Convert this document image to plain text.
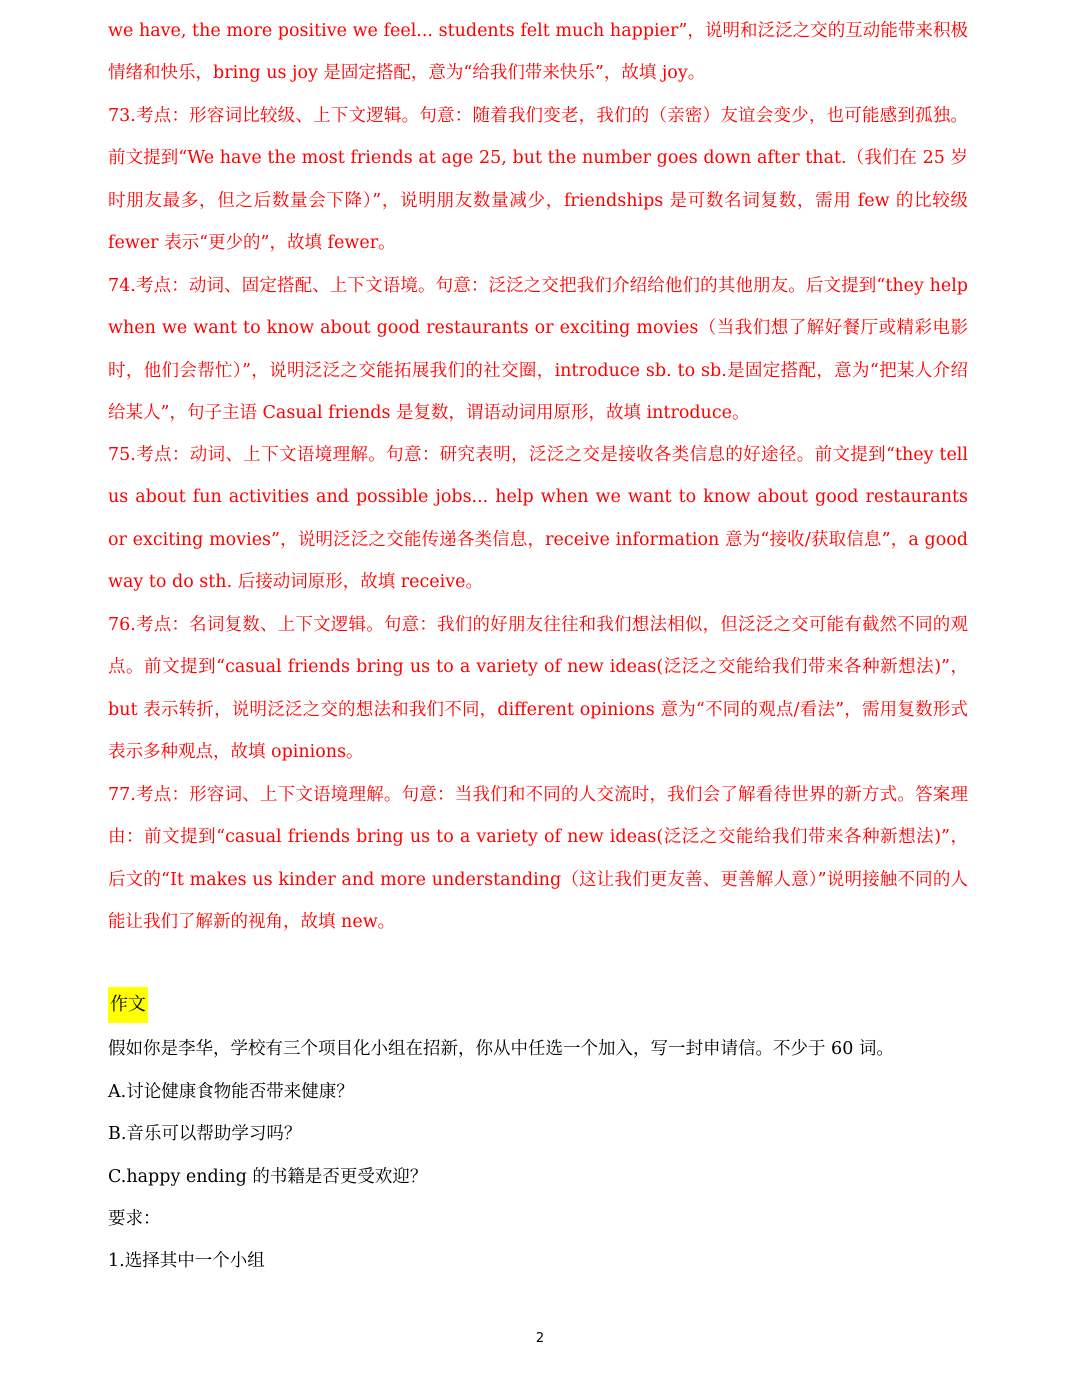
we have, the more positive we feel... students felt much happier”，说明和泛泛之交的互动能带来积极情绪和快乐，bring us joy 是固定搭配，意为“给我们带来快乐”，故填 joy。

73.考点：形容词比较级、上下文逻辑。句意：随着我们变老，我们的（亲密）友谊会变少，也可能感到孤独。前文提到“We have the most friends at age 25, but the number goes down after that.（我们在 25 岁时朋友最多，但之后数量会下降）”，说明朋友数量减少，friendships 是可数名词复数，需用 few 的比较级 fewer 表示“更少的”，故填 fewer。

74.考点：动词、固定搭配、上下文语境。句意：泛泛之交把我们介绍给他们的其他朋友。后文提到“they help when we want to know about good restaurants or exciting movies（当我们想了解好餐厅或精彩电影时，他们会帮忙）”，说明泛泛之交能拓展我们的社交圈，introduce sb. to sb.是固定搭配，意为“把某人介绍给某人”，句子主语 Casual friends 是复数，谓语动词用原形，故填 introduce。

75.考点：动词、上下文语境理解。句意：研究表明，泛泛之交是接收各类信息的好途径。前文提到“they tell us about fun activities and possible jobs... help when we want to know about good restaurants or exciting movies”，说明泛泛之交能传递各类信息，receive information 意为“接收/获取信息”，a good way to do sth. 后接动词原形，故填 receive。

76.考点：名词复数、上下文逻辑。句意：我们的好朋友往往和我们想法相似，但泛泛之交可能有截然不同的观点。前文提到“casual friends bring us to a variety of new ideas(泛泛之交能给我们带来各种新想法)”，but 表示转折，说明泛泛之交的想法和我们不同，different opinions 意为“不同的观点/看法”，需用复数形式表示多种观点，故填 opinions。

77.考点：形容词、上下文语境理解。句意：当我们和不同的人交流时，我们会了解看待世界的新方式。答案理由：前文提到“casual friends bring us to a variety of new ideas(泛泛之交能给我们带来各种新想法)”，后文的“It makes us kinder and more understanding（这让我们更友善、更善解人意）”说明接触不同的人能让我们了解新的视角，故填 new。

作文

假如你是李华，学校有三个项目化小组在招新，你从中任选一个加入，写一封申请信。不少于 60 词。

A.讨论健康食物能否带来健康？

B.音乐可以帮助学习吗？

C.happy ending 的书籍是否更受欢迎？

要求：

1.选择其中一个小组

2
